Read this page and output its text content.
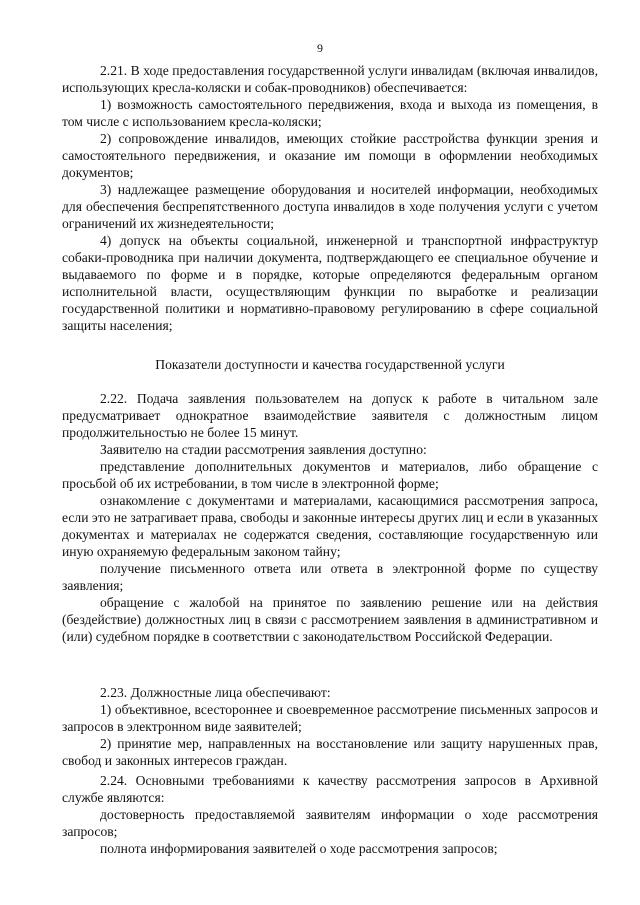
9

2.21. В ходе предоставления государственной услуги инвалидам (включая инвалидов, использующих кресла-коляски и собак-проводников) обеспечивается:

1) возможность самостоятельного передвижения, входа и выхода из помещения, в том числе с использованием кресла-коляски;

2) сопровождение инвалидов, имеющих стойкие расстройства функции зрения и самостоятельного передвижения, и оказание им помощи в оформлении необходимых документов;

3) надлежащее размещение оборудования и носителей информации, необходимых для обеспечения беспрепятственного доступа инвалидов в ходе получения услуги с учетом ограничений их жизнедеятельности;

4) допуск на объекты социальной, инженерной и транспортной инфраструктур собаки-проводника при наличии документа, подтверждающего ее специальное обучение и выдаваемого по форме и в порядке, которые определяются федеральным органом исполнительной власти, осуществляющим функции по выработке и реализации государственной политики и нормативно-правовому регулированию в сфере социальной защиты населения;

Показатели доступности и качества государственной услуги

2.22. Подача заявления пользователем на допуск к работе в читальном зале предусматривает однократное взаимодействие заявителя с должностным лицом продолжительностью не более 15 минут.

Заявителю на стадии рассмотрения заявления доступно:

представление дополнительных документов и материалов, либо обращение с просьбой об их истребовании, в том числе в электронной форме;

ознакомление с документами и материалами, касающимися рассмотрения запроса, если это не затрагивает права, свободы и законные интересы других лиц и если в указанных документах и материалах не содержатся сведения, составляющие государственную или иную охраняемую федеральным законом тайну;

получение письменного ответа или ответа в электронной форме по существу заявления;

обращение с жалобой на принятое по заявлению решение или на действия (бездействие) должностных лиц в связи с рассмотрением заявления в административном и (или) судебном порядке в соответствии с законодательством Российской Федерации.

2.23. Должностные лица обеспечивают:

1) объективное, всестороннее и своевременное рассмотрение письменных запросов и запросов в электронном виде заявителей;

2) принятие мер, направленных на восстановление или защиту нарушенных прав, свобод и законных интересов граждан.

2.24. Основными требованиями к качеству рассмотрения запросов в Архивной службе являются:

достоверность предоставляемой заявителям информации о ходе рассмотрения запросов;

полнота информирования заявителей о ходе рассмотрения запросов;
